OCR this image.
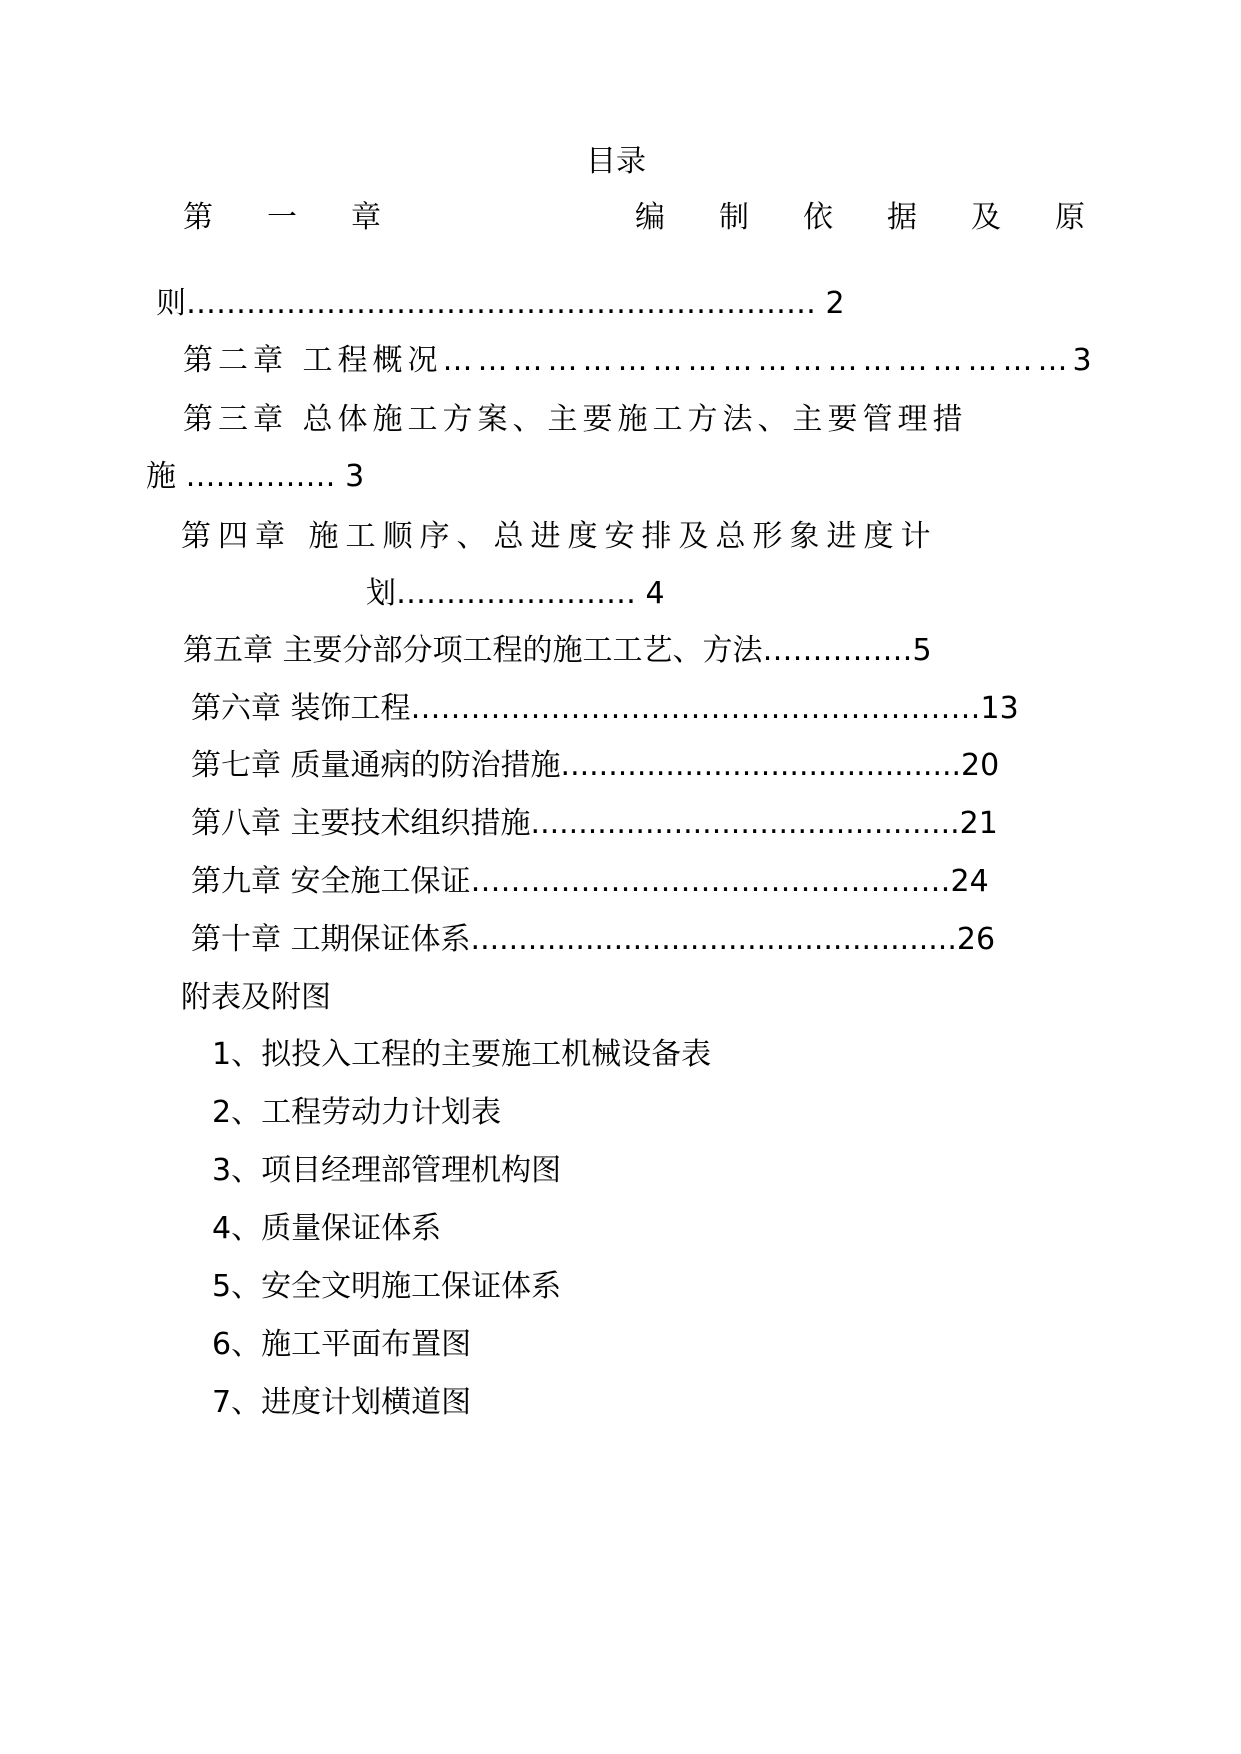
目录
第 一 章	编 制 依 据 及 原
则……………………………………………………… 2
第二章 工程概况………………………………………………3
第三章 总体施工方案、主要施工方法、主要管理措
施 …………… 3
第四章 施工顺序、总进度安排及总形象进度计
划…………………… 4
第五章 主要分部分项工程的施工工艺、方法……………5
第六章 装饰工程…………………………………………………13
第七章 质量通病的防治措施..........................................20
第八章 主要技术组织措施.............................................21
第九章 安全施工保证…………………………………………24
第十章 工期保证体系...................................................26
附表及附图
1、拟投入工程的主要施工机械设备表
2、工程劳动力计划表
3、项目经理部管理机构图
4、质量保证体系
5、安全文明施工保证体系
6、施工平面布置图
7、进度计划横道图
